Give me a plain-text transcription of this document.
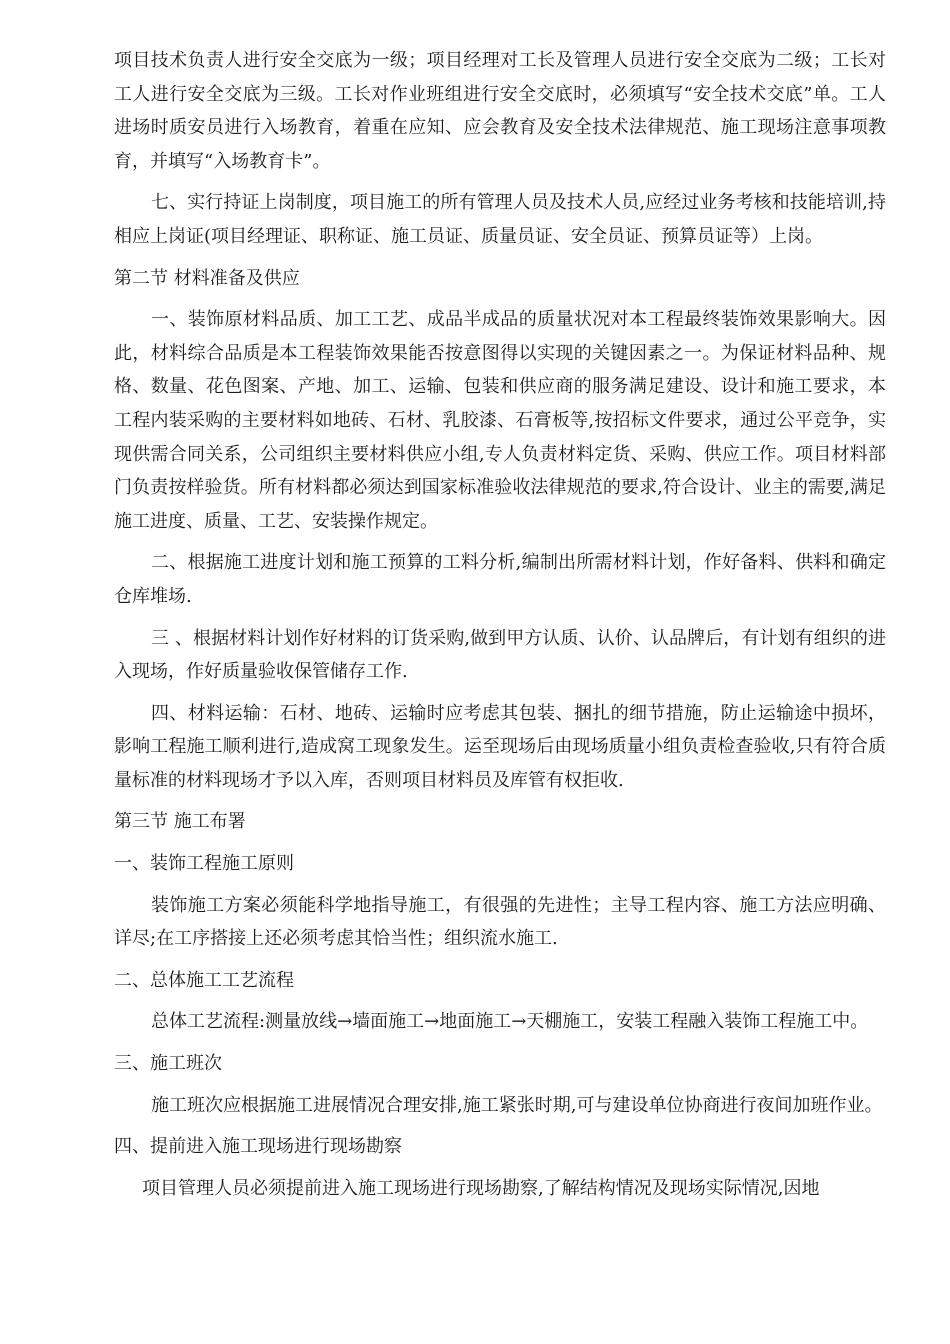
项目技术负责人进行安全交底为一级；项目经理对工长及管理人员进行安全交底为二级；工长对工人进行安全交底为三级。工长对作业班组进行安全交底时，必须填写“安全技术交底”单。工人进场时质安员进行入场教育，着重在应知、应会教育及安全技术法律规范、施工现场注意事项教育，并填写“入场教育卡”。

七、实行持证上岗制度，项目施工的所有管理人员及技术人员,应经过业务考核和技能培训,持相应上岗证(项目经理证、职称证、施工员证、质量员证、安全员证、预算员证等）上岗。

第二节 材料准备及供应

一、装饰原材料品质、加工工艺、成品半成品的质量状况对本工程最终装饰效果影响大。因此，材料综合品质是本工程装饰效果能否按意图得以实现的关键因素之一。为保证材料品种、规格、数量、花色图案、产地、加工、运输、包装和供应商的服务满足建设、设计和施工要求，本工程内装采购的主要材料如地砖、石材、乳胶漆、石膏板等,按招标文件要求，通过公平竞争，实现供需合同关系，公司组织主要材料供应小组,专人负责材料定货、采购、供应工作。项目材料部门负责按样验货。所有材料都必须达到国家标准验收法律规范的要求,符合设计、业主的需要,满足施工进度、质量、工艺、安装操作规定。

二、根据施工进度计划和施工预算的工料分析,编制出所需材料计划，作好备料、供料和确定仓库堆场.

三 、根据材料计划作好材料的订货采购,做到甲方认质、认价、认品牌后，有计划有组织的进入现场，作好质量验收保管储存工作.

四、材料运输：石材、地砖、运输时应考虑其包装、捆扎的细节措施，防止运输途中损坏，影响工程施工顺利进行,造成窝工现象发生。运至现场后由现场质量小组负责检查验收,只有符合质量标准的材料现场才予以入库，否则项目材料员及库管有权拒收.

第三节 施工布署
一、装饰工程施工原则

装饰施工方案必须能科学地指导施工，有很强的先进性；主导工程内容、施工方法应明确、详尽;在工序搭接上还必须考虑其恰当性；组织流水施工.

二、总体施工工艺流程

总体工艺流程:测量放线→墙面施工→地面施工→天棚施工，安装工程融入装饰工程施工中。

三、施工班次

施工班次应根据施工进展情况合理安排,施工紧张时期,可与建设单位协商进行夜间加班作业。

四、提前进入施工现场进行现场勘察

项目管理人员必须提前进入施工现场进行现场勘察,了解结构情况及现场实际情况,因地
